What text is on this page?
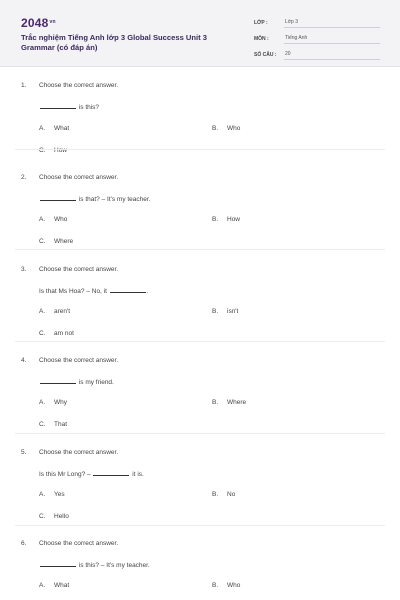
$2048^{vn}$
Trắc nghiệm Tiếng Anh lớp 3 Global Success Unit 3 Grammar (có đáp án)
LỚP :	Lớp 3
MÔN :	Tiếng Anh
SỐ CÂU :	20
1. Choose the correct answer.
is this?
A. What	B. Who
C. How
2. Choose the correct answer.
is that? – It's my teacher.
A. Who	B. How
C. Where
3. Choose the correct answer.
Is that Ms Hoa? – No, it	.
A. aren't	B. isn't
C. am not
4. Choose the correct answer.
is my friend.
A. Why	B. Where
C. That
5. Choose the correct answer.
Is this Mr Long? –	it is.
A. Yes	B. No
C. Hello
6. Choose the correct answer.
is this? – It's my teacher.
A. What	B. Who
